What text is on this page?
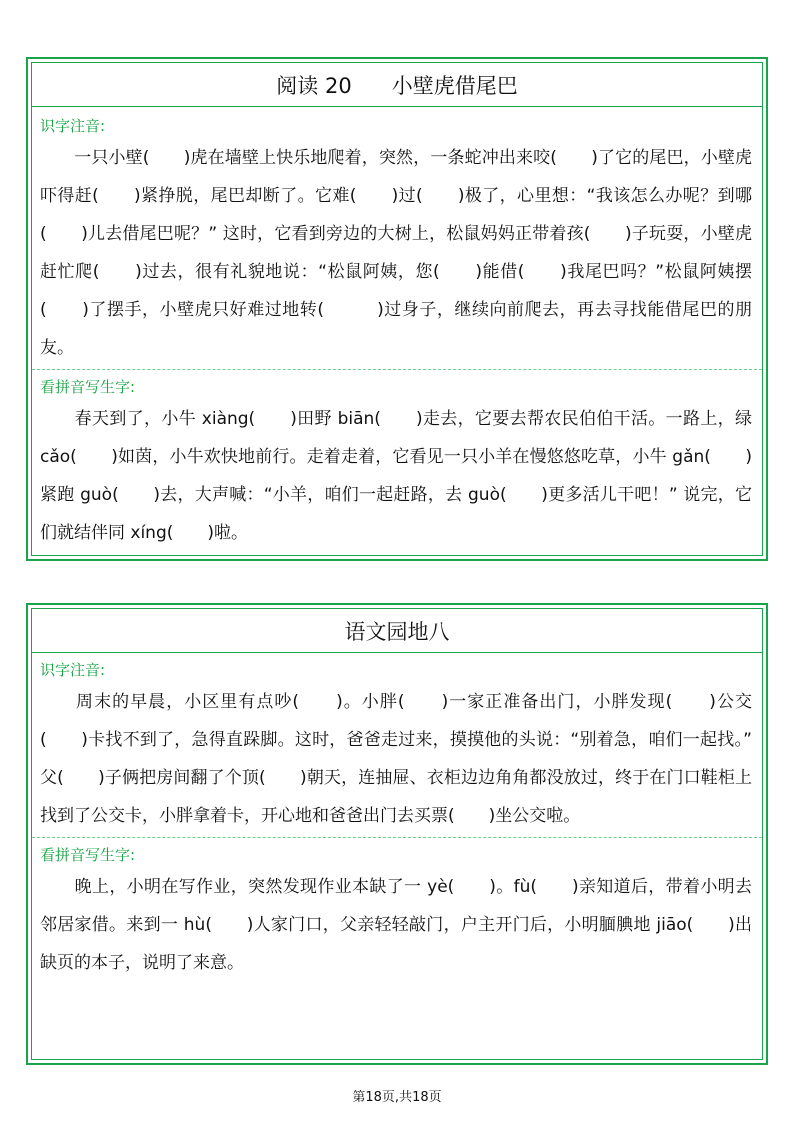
阅读 20 小壁虎借尾巴
识字注音:
　　一只小壁(　　)虎在墙壁上快乐地爬着，突然，一条蛇冲出来咬(　　)了它的尾巴，小壁虎吓得赶(　　)紧挣脱，尾巴却断了。它难(　　)过(　　)极了，心里想：“我该怎么办呢？到哪(　　)儿去借尾巴呢？” 这时，它看到旁边的大树上，松鼠妈妈正带着孩(　　)子玩耍，小壁虎赶忙爬(　　)过去，很有礼貌地说：“松鼠阿姨，您(　　)能借(　　)我尾巴吗？”松鼠阿姨摆(　　)了摆手，小壁虎只好难过地转(　　　)过身子，继续向前爬去，再去寻找能借尾巴的朋友。
看拼音写生字:
　　春天到了，小牛 xiàng(　　)田野 biān(　　)走去，它要去帮农民伯伯干活。一路上，绿 cǎo(　　)如茵，小牛欢快地前行。走着走着，它看见一只小羊在慢悠悠吃草，小牛 gǎn(　　)紧跑 guò(　　)去，大声喊：“小羊，咱们一起赶路，去 guò(　　)更多活儿干吧！” 说完，它们就结伴同 xíng(　　)啦。
语文园地八
识字注音:
　　周末的早晨，小区里有点吵(　　)。小胖(　　)一家正准备出门，小胖发现(　　)公交(　　)卡找不到了，急得直跺脚。这时，爸爸走过来，摸摸他的头说：“别着急，咱们一起找。” 父(　　)子俩把房间翻了个顶(　　)朝天，连抽屉、衣柜边边角角都没放过，终于在门口鞋柜上找到了公交卡，小胖拿着卡，开心地和爸爸出门去买票(　　)坐公交啦。
看拼音写生字:
　　晚上，小明在写作业，突然发现作业本缺了一 yè(　　)。fù(　　)亲知道后，带着小明去邻居家借。来到一 hù(　　)人家门口，父亲轻轻敲门，户主开门后，小明腼腆地 jiāo(　　)出缺页的本子，说明了来意。
第18页,共18页
